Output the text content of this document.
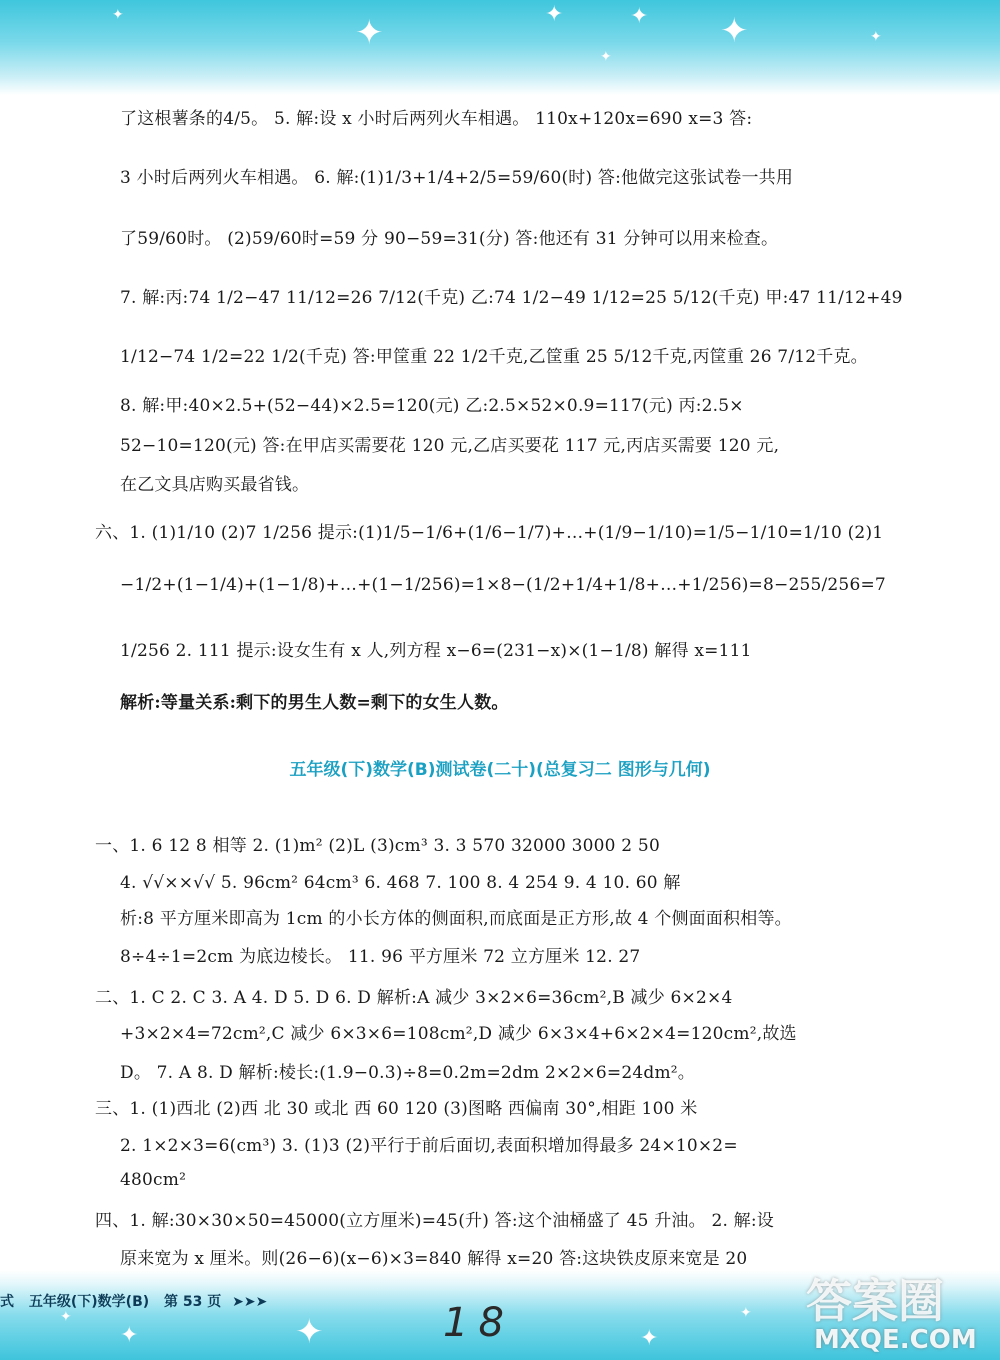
✦	✦	✦	✦ ✦	✦
✦
了这根薯条的4/5。 5. 解:设 x 小时后两列火车相遇。 110x+120x=690 x=3 答:
3 小时后两列火车相遇。 6. 解:(1)1/3+1/4+2/5=59/60(时) 答:他做完这张试卷一共用
了59/60时。 (2)59/60时=59 分 90−59=31(分) 答:他还有 31 分钟可以用来检查。
7. 解:丙:74 1/2−47 11/12=26 7/12(千克) 乙:74 1/2−49 1/12=25 5/12(千克) 甲:47 11/12+49
1/12−74 1/2=22 1/2(千克) 答:甲筐重 22 1/2千克,乙筐重 25 5/12千克,丙筐重 26 7/12千克。
8. 解:甲:40×2.5+(52−44)×2.5=120(元) 乙:2.5×52×0.9=117(元) 丙:2.5×
52−10=120(元) 答:在甲店买需要花 120 元,乙店买要花 117 元,丙店买需要 120 元,
在乙文具店购买最省钱。
六、1. (1)1/10 (2)7 1/256 提示:(1)1/5−1/6+(1/6−1/7)+…+(1/9−1/10)=1/5−1/10=1/10 (2)1
−1/2+(1−1/4)+(1−1/8)+…+(1−1/256)=1×8−(1/2+1/4+1/8+…+1/256)=8−255/256=7
1/256 2. 111 提示:设女生有 x 人,列方程 x−6=(231−x)×(1−1/8) 解得 x=111
解析:等量关系:剩下的男生人数=剩下的女生人数。
五年级(下)数学(B)测试卷(二十)(总复习二 图形与几何)
一、1. 6 12 8 相等 2. (1)m² (2)L (3)cm³ 3. 3 570 32000 3000 2 50
4. √√××√√ 5. 96cm² 64cm³ 6. 468 7. 100 8. 4 254 9. 4 10. 60 解
析:8 平方厘米即高为 1cm 的小长方体的侧面积,而底面是正方形,故 4 个侧面面积相等。
8÷4÷1=2cm 为底边棱长。 11. 96 平方厘米 72 立方厘米 12. 27
二、1. C 2. C 3. A 4. D 5. D 6. D 解析:A 减少 3×2×6=36cm²,B 减少 6×2×4
+3×2×4=72cm²,C 减少 6×3×6=108cm²,D 减少 6×3×4+6×2×4=120cm²,故选
D。 7. A 8. D 解析:棱长:(1.9−0.3)÷8=0.2m=2dm 2×2×6=24dm²。
三、1. (1)西北 (2)西 北 30 或北 西 60 120 (3)图略 西偏南 30°,相距 100 米
2. 1×2×3=6(cm³) 3. (1)3 (2)平行于前后面切,表面积增加得最多 24×10×2=
480cm²
四、1. 解:30×30×50=45000(立方厘米)=45(升) 答:这个油桶盛了 45 升油。 2. 解:设
原来宽为 x 厘米。则(26−6)(x−6)×3=840 解得 x=20 答:这块铁皮原来宽是 20
✦
✦	✦	✦
✦
式 五年级(下)数学(B) 第 53 页 ➤➤➤	18	答案圈
MXQE.COM
